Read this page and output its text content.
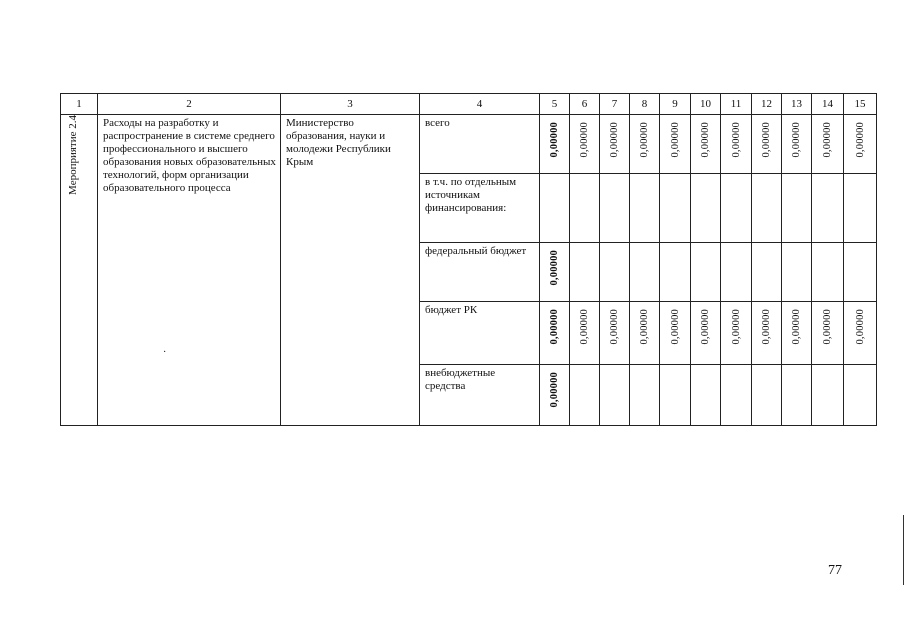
1	2	3	4	5	6	7	8	9	10	11	12	13	14	15
Мероприятие 2.4	Расходы на разработку и распространение в системе среднего профессионального и высшего образования новых образовательных технологий, форм организации образовательного процесса	Министерство образования, науки и молодежи Республики Крым	всего	0,00000	0,00000	0,00000	0,00000	0,00000	0,00000	0,00000	0,00000	0,00000	0,00000	0,00000

			в т.ч. по отдельным источникам финансирования:											

			федеральный бюджет	0,00000										

			бюджет РК	0,00000	0,00000	0,00000	0,00000	0,00000	0,00000	0,00000	0,00000	0,00000	0,00000	0,00000

			внебюджетные средства	0,00000										
·
77
